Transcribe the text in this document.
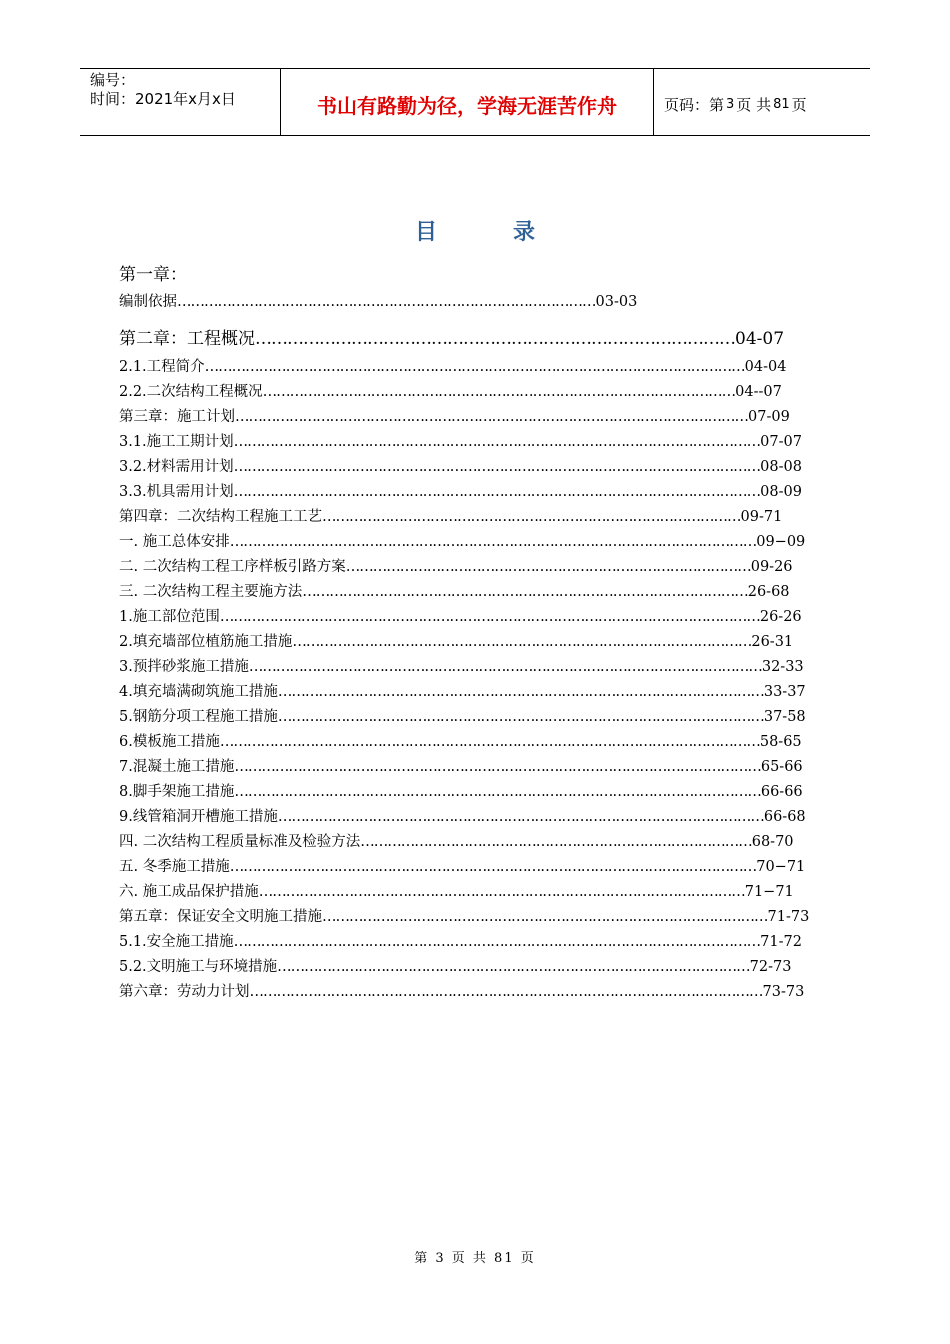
编号：
时间：2021年x月x日	书山有路勤为径，学海无涯苦作舟	页码：第 3 页 共 81 页
目录
第一章：
编制依据…………………………………………………………………………………03-03
第二章：工程概况………………………………………………………………………………04-07
2.1.工程简介…………………………………………………………………………………………………………04-04
2.2.二次结构工程概况……………………………………………………………………………………………04--07
第三章：施工计划……………………………………………………………………………………………………07-09
3.1.施工工期计划………………………………………………………………………………………………………07-07
3.2.材料需用计划………………………………………………………………………………………………………08-08
3.3.机具需用计划………………………………………………………………………………………………………08-09
第四章：二次结构工程施工工艺…………………………………………………………………………………09-71
一. 施工总体安排………………………………………………………………………………………………………09−09
二. 二次结构工程工序样板引路方案………………………………………………………………………………09-26
三. 二次结构工程主要施方法………………………………………………………………………………………26-68
1.施工部位范围…………………………………………………………………………………………………………26-26
2.填充墙部位植筋施工措施…………………………………………………………………………………………26-31
3.预拌砂浆施工措施……………………………………………………………………………………………………32-33
4.填充墙满砌筑施工措施………………………………………………………………………………………………33-37
5.钢筋分项工程施工措施………………………………………………………………………………………………37-58
6.模板施工措施…………………………………………………………………………………………………………58-65
7.混凝土施工措施………………………………………………………………………………………………………65-66
8.脚手架施工措施………………………………………………………………………………………………………66-66
9.线管箱洞开槽施工措施………………………………………………………………………………………………66-68
四. 二次结构工程质量标准及检验方法……………………………………………………………………………68-70
五. 冬季施工措施………………………………………………………………………………………………………70−71
六. 施工成品保护措施………………………………………………………………………………………………71−71
第五章：保证安全文明施工措施………………………………………………………………………………………71-73
5.1.安全施工措施………………………………………………………………………………………………………71-72
5.2.文明施工与环境措施……………………………………………………………………………………………72-73
第六章：劳动力计划……………………………………………………………………………………………………73-73
第 3 页 共 81 页
